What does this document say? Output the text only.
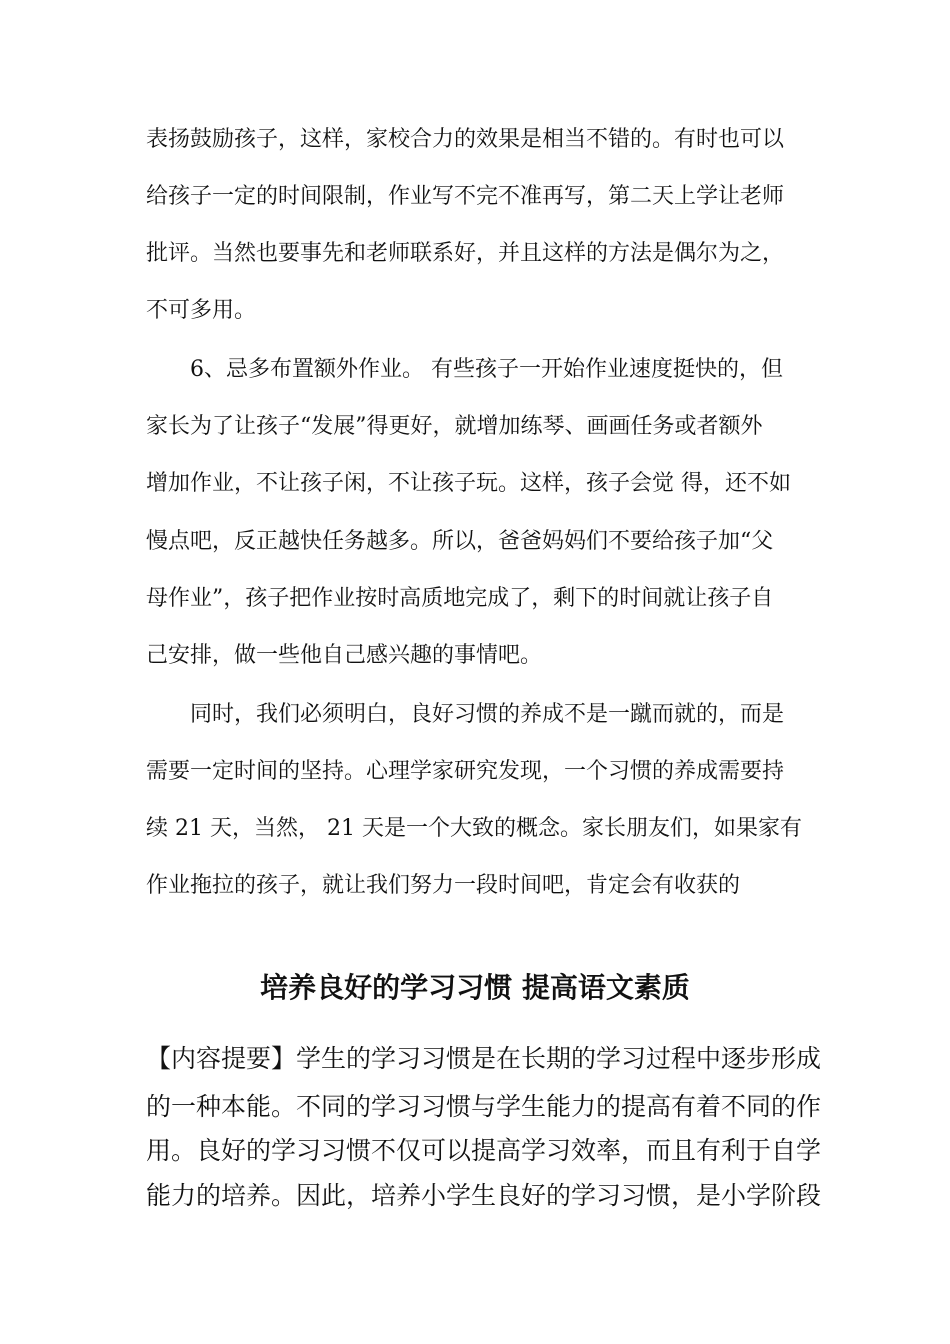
表扬鼓励孩子，这样，家校合力的效果是相当不错的。有时也可以
给孩子一定的时间限制，作业写不完不准再写，第二天上学让老师
批评。当然也要事先和老师联系好，并且这样的方法是偶尔为之，
不可多用。
6、忌多布置额外作业。 有些孩子一开始作业速度挺快的，但
家长为了让孩子“发展”得更好，就增加练琴、画画任务或者额外
增加作业，不让孩子闲，不让孩子玩。这样，孩子会觉 得，还不如
慢点吧，反正越快任务越多。所以，爸爸妈妈们不要给孩子加“父
母作业”，孩子把作业按时高质地完成了，剩下的时间就让孩子自
己安排，做一些他自己感兴趣的事情吧。
同时，我们必须明白，良好习惯的养成不是一蹴而就的，而是
需要一定时间的坚持。心理学家研究发现，一个习惯的养成需要持
续 21 天，当然， 21 天是一个大致的概念。家长朋友们，如果家有
作业拖拉的孩子，就让我们努力一段时间吧，肯定会有收获的
培养良好的学习习惯 提高语文素质
【内容提要】学生的学习习惯是在长期的学习过程中逐步形成
的一种本能。不同的学习习惯与学生能力的提高有着不同的作
用。良好的学习习惯不仅可以提高学习效率，而且有利于自学
能力的培养。因此，培养小学生良好的学习习惯，是小学阶段
